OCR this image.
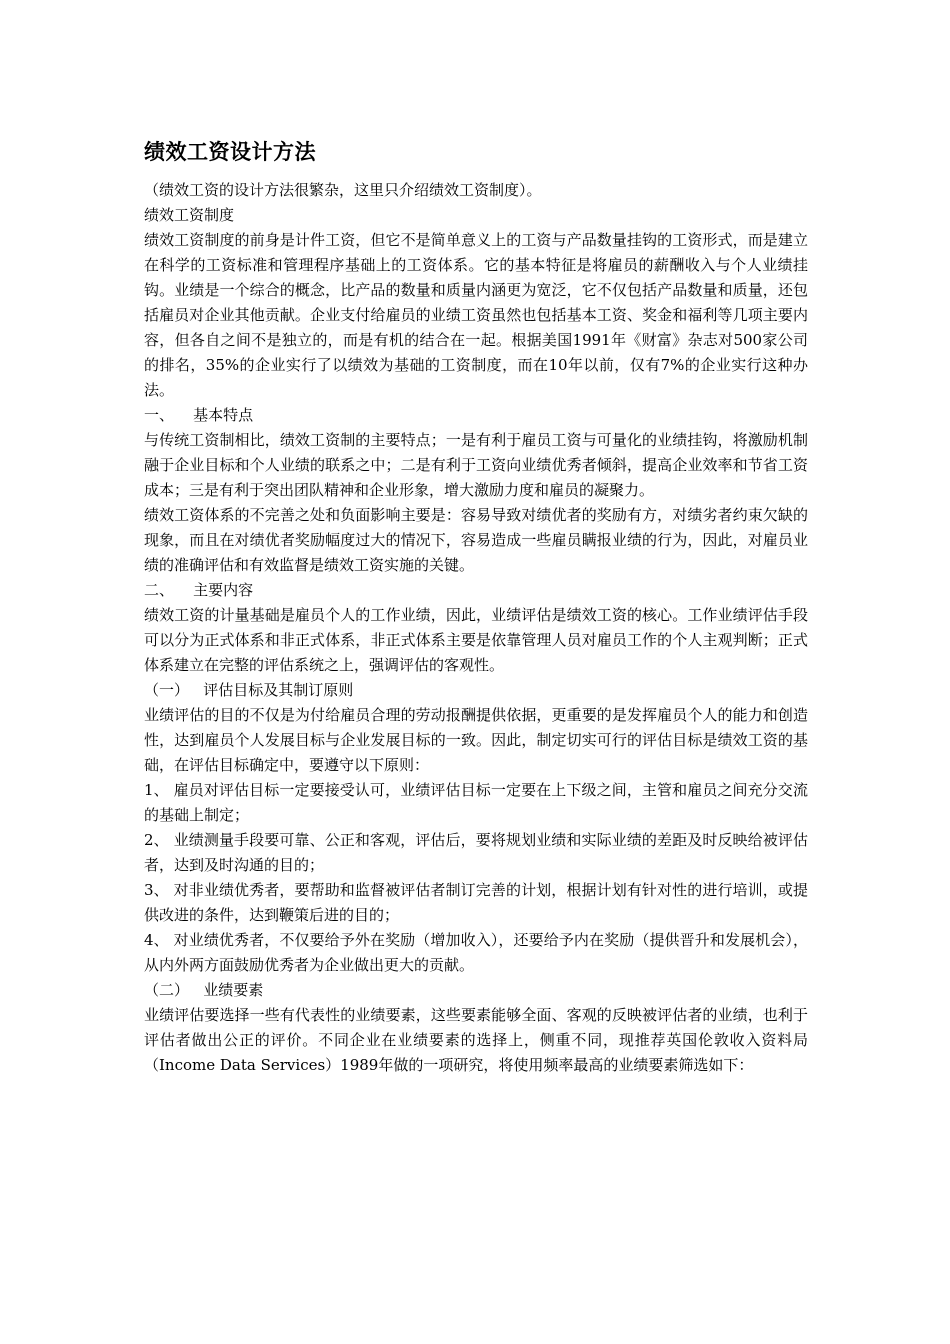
绩效工资设计方法
（绩效工资的设计方法很繁杂，这里只介绍绩效工资制度）。
绩效工资制度
绩效工资制度的前身是计件工资，但它不是简单意义上的工资与产品数量挂钩的工资形式，而是建立在科学的工资标准和管理程序基础上的工资体系。它的基本特征是将雇员的薪酬收入与个人业绩挂钩。业绩是一个综合的概念，比产品的数量和质量内涵更为宽泛，它不仅包括产品数量和质量，还包括雇员对企业其他贡献。企业支付给雇员的业绩工资虽然也包括基本工资、奖金和福利等几项主要内容，但各自之间不是独立的，而是有机的结合在一起。根据美国1991年《财富》杂志对500家公司的排名，35%的企业实行了以绩效为基础的工资制度，而在10年以前，仅有7%的企业实行这种办法。
一、    基本特点
与传统工资制相比，绩效工资制的主要特点；一是有利于雇员工资与可量化的业绩挂钩，将激励机制融于企业目标和个人业绩的联系之中；二是有利于工资向业绩优秀者倾斜，提高企业效率和节省工资成本；三是有利于突出团队精神和企业形象，增大激励力度和雇员的凝聚力。
绩效工资体系的不完善之处和负面影响主要是：容易导致对绩优者的奖励有方，对绩劣者约束欠缺的现象，而且在对绩优者奖励幅度过大的情况下，容易造成一些雇员瞒报业绩的行为，因此，对雇员业绩的准确评估和有效监督是绩效工资实施的关键。
二、    主要内容
绩效工资的计量基础是雇员个人的工作业绩，因此，业绩评估是绩效工资的核心。工作业绩评估手段可以分为正式体系和非正式体系，非正式体系主要是依靠管理人员对雇员工作的个人主观判断；正式体系建立在完整的评估系统之上，强调评估的客观性。
（一）   评估目标及其制订原则
业绩评估的目的不仅是为付给雇员合理的劳动报酬提供依据，更重要的是发挥雇员个人的能力和创造性，达到雇员个人发展目标与企业发展目标的一致。因此，制定切实可行的评估目标是绩效工资的基础，在评估目标确定中，要遵守以下原则：
1、 雇员对评估目标一定要接受认可，业绩评估目标一定要在上下级之间，主管和雇员之间充分交流的基础上制定；
2、 业绩测量手段要可靠、公正和客观，评估后，要将规划业绩和实际业绩的差距及时反映给被评估者，达到及时沟通的目的；
3、 对非业绩优秀者，要帮助和监督被评估者制订完善的计划，根据计划有针对性的进行培训，或提供改进的条件，达到鞭策后进的目的；
4、 对业绩优秀者，不仅要给予外在奖励（增加收入），还要给予内在奖励（提供晋升和发展机会），从内外两方面鼓励优秀者为企业做出更大的贡献。
（二）   业绩要素
业绩评估要选择一些有代表性的业绩要素，这些要素能够全面、客观的反映被评估者的业绩，也利于评估者做出公正的评价。不同企业在业绩要素的选择上，侧重不同，现推荐英国伦敦收入资料局（Income Data Services）1989年做的一项研究，将使用频率最高的业绩要素筛选如下：
